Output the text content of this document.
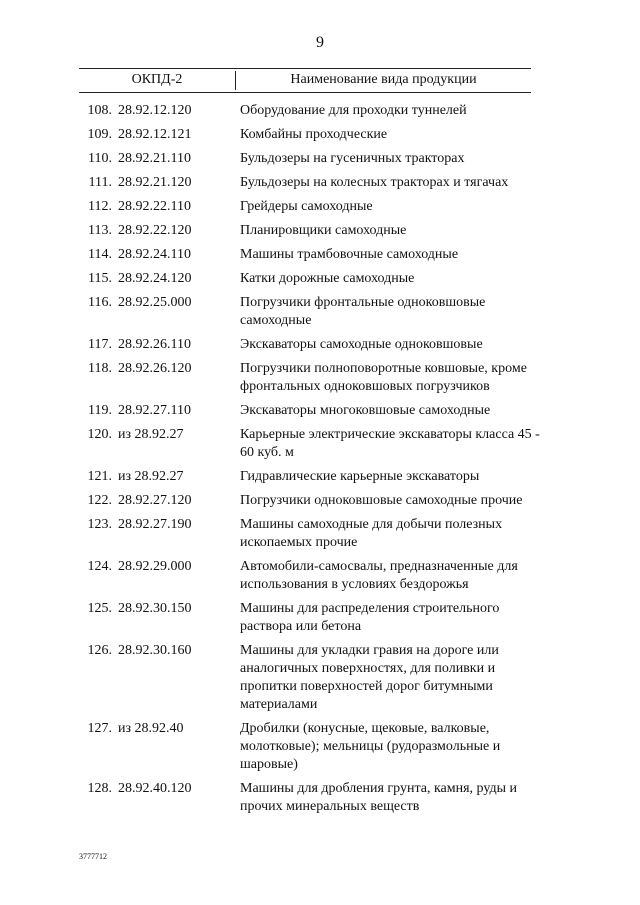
9
ОКПД-2	Наименование вида продукции
108. 28.92.12.120	Оборудование для проходки туннелей
109. 28.92.12.121	Комбайны проходческие
110. 28.92.21.110	Бульдозеры на гусеничных тракторах
111. 28.92.21.120	Бульдозеры на колесных тракторах и тягачах
112. 28.92.22.110	Грейдеры самоходные
113. 28.92.22.120	Планировщики самоходные
114. 28.92.24.110	Машины трамбовочные самоходные
115. 28.92.24.120	Катки дорожные самоходные
116. 28.92.25.000	Погрузчики фронтальные одноковшовые самоходные
117. 28.92.26.110	Экскаваторы самоходные одноковшовые
118. 28.92.26.120	Погрузчики полноповоротные ковшовые, кроме фронтальных одноковшовых погрузчиков
119. 28.92.27.110	Экскаваторы многоковшовые самоходные
120. из 28.92.27	Карьерные электрические экскаваторы класса 45 - 60 куб. м
121. из 28.92.27	Гидравлические карьерные экскаваторы
122. 28.92.27.120	Погрузчики одноковшовые самоходные прочие
123. 28.92.27.190	Машины самоходные для добычи полезных ископаемых прочие
124. 28.92.29.000	Автомобили-самосвалы, предназначенные для использования в условиях бездорожья
125. 28.92.30.150	Машины для распределения строительного раствора или бетона
126. 28.92.30.160	Машины для укладки гравия на дороге или аналогичных поверхностях, для поливки и пропитки поверхностей дорог битумными материалами
127. из 28.92.40	Дробилки (конусные, щековые, валковые, молотковые); мельницы (рудоразмольные и шаровые)
128. 28.92.40.120	Машины для дробления грунта, камня, руды и прочих минеральных веществ
3777712
